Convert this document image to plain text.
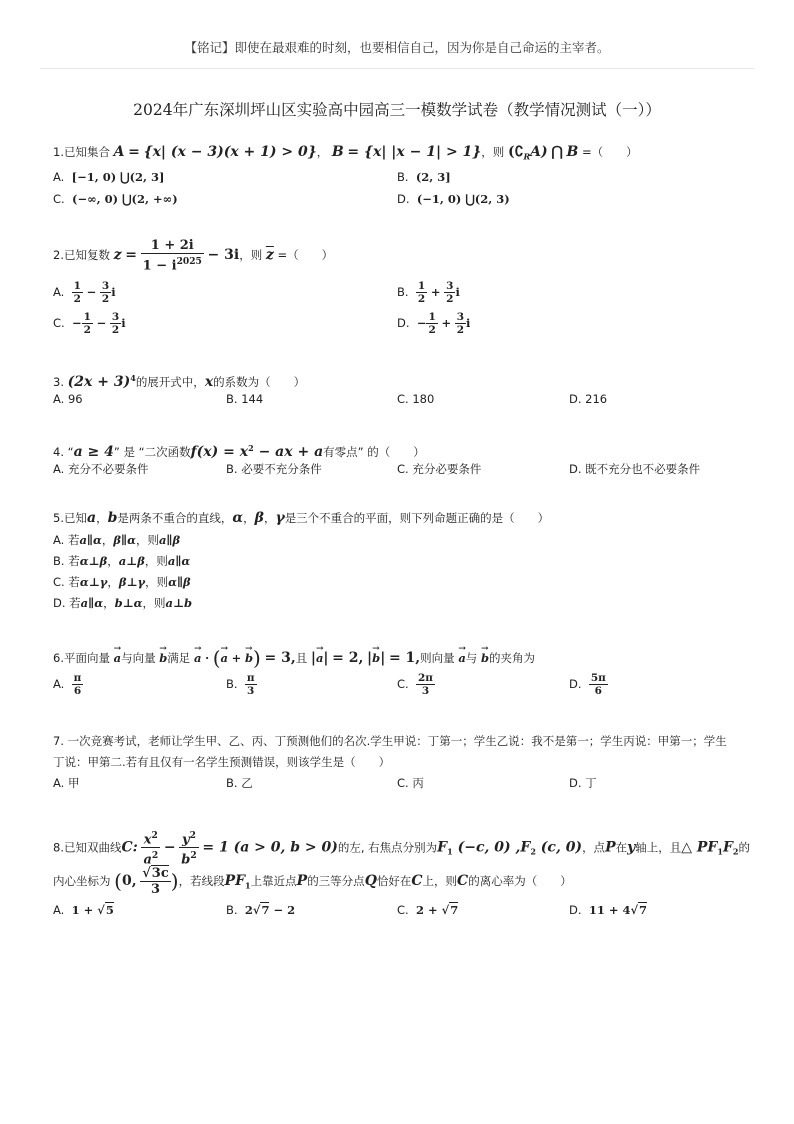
【铭记】即使在最艰难的时刻，也要相信自己，因为你是自己命运的主宰者。
2024年广东深圳坪山区实验高中园高三一模数学试卷（教学情况测试（一））
1.已知集合 A = {x| (x − 3)(x + 1) > 0}， B = {x| |x − 1| > 1}，则 $(∁_RA)$ ⋂ B =（　　）
A. [−1, 0) ⋃(2, 3]	B. (2, 3]
C. (−∞, 0) ⋃(2, +∞)	D. (−1, 0) ⋃(2, 3)
2.已知复数 $z = \frac{1 + 2i}{1 - i^{2025}} - 3i$，则 $\overline{z}$ =（　　）
A. $\frac{1}{2} - \frac{3}{2}$ i	B. $\frac{1}{2} + \frac{3}{2}$ i
C. − $\frac{1}{2} - \frac{3}{2}$ i	D. − $\frac{1}{2} + \frac{3}{2}$ i
3. $(2x + 3)^4$的展开式中，x的系数为（　　）
A. 96	B. 144	C. 180	D. 216
4. “a ≥ 4” 是 “二次函数$f(x) = x^2$ − ax + a有零点” 的（　　）
A. 充分不必要条件	B. 必要不充分条件	C. 充分必要条件	D. 既不充分也不必要条件
5.已知a，b是两条不重合的直线，α，β，γ是三个不重合的平面，则下列命题正确的是（　　）
A. 若a∥α，β∥α，则a∥β
B. 若α⊥β，a⊥β，则a∥α
C. 若α⊥γ，β⊥γ，则α∥β
D. 若a∥α，b⊥α，则a⊥b
6.平面向量 → a与向量 → b满足 → a · (→ a + → b) = 3,且 |→ a| = 2, |→ b| = 1,则向量 → a与 → b的夹角为
A. $\frac{\pi}{6}$	B. $\frac{\pi}{3}$	C. $\frac{2\pi}{3}$	D. $\frac{5\pi}{6}$
7. 一次竞赛考试，老师让学生甲、乙、丙、丁预测他们的名次.学生甲说：丁第一；学生乙说：我不是第一；学生丙说：甲第一；学生
丁说：甲第二.若有且仅有一名学生预测错误，则该学生是（　　）
A. 甲	B. 乙	C. 丙	D. 丁
8.已知双曲线C: $\frac{x^2}{a^2} - \frac{y^2}{b^2} = 1$ (a > 0, b > 0)的左, 右焦点分别为$F_1$ (−c, 0) $,F_2$ (c, 0)，点P在y轴上，且△ $PF_1F_2$的
内心坐标为 (0, $\frac{√3c}{3}$ )，若线段$PF_1$上靠近点P的三等分点Q恰好在C上，则C的离心率为（　　）
A. 1 + √5	B. 2√7 − 2	C. 2 + √7	D. 11 + 4√7
